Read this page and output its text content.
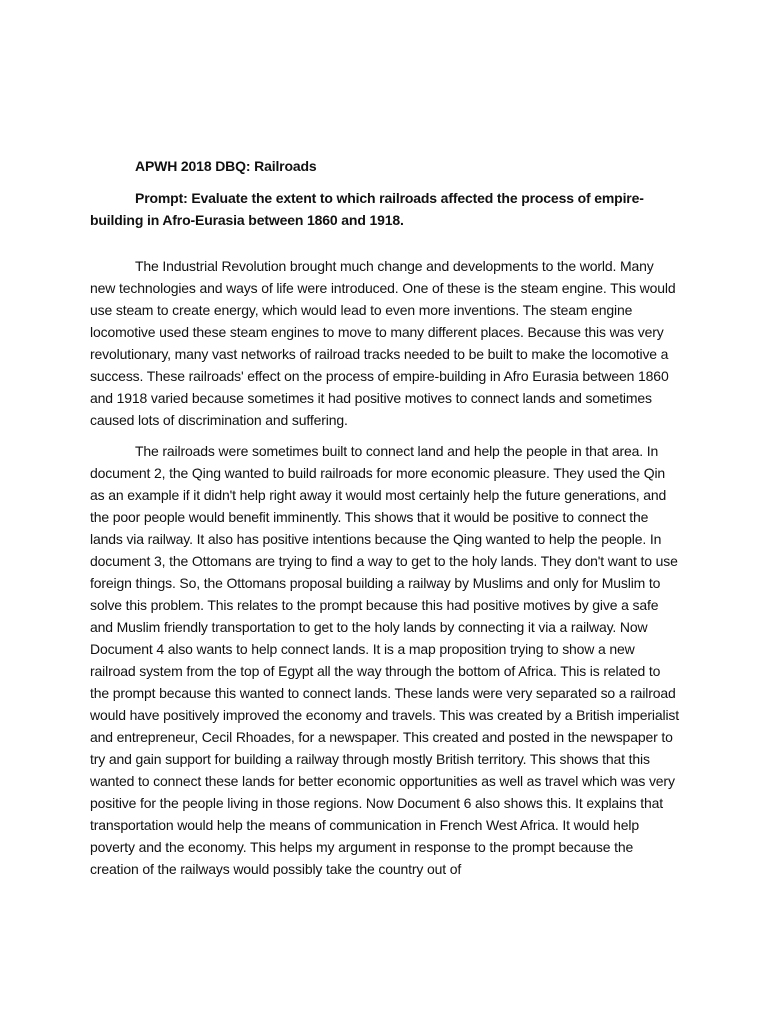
APWH 2018 DBQ: Railroads
Prompt: Evaluate the extent to which railroads affected the process of empire-building in Afro-Eurasia between 1860 and 1918.

The Industrial Revolution brought much change and developments to the world. Many new technologies and ways of life were introduced. One of these is the steam engine. This would use steam to create energy, which would lead to even more inventions. The steam engine locomotive used these steam engines to move to many different places. Because this was very revolutionary, many vast networks of railroad tracks needed to be built to make the locomotive a success. These railroads' effect on the process of empire-building in Afro Eurasia between 1860 and 1918 varied because sometimes it had positive motives to connect lands and sometimes caused lots of discrimination and suffering.

The railroads were sometimes built to connect land and help the people in that area. In document 2, the Qing wanted to build railroads for more economic pleasure. They used the Qin as an example if it didn't help right away it would most certainly help the future generations, and the poor people would benefit imminently. This shows that it would be positive to connect the lands via railway. It also has positive intentions because the Qing wanted to help the people. In document 3, the Ottomans are trying to find a way to get to the holy lands. They don't want to use foreign things. So, the Ottomans proposal building a railway by Muslims and only for Muslim to solve this problem. This relates to the prompt because this had positive motives by give a safe and Muslim friendly transportation to get to the holy lands by connecting it via a railway. Now Document 4 also wants to help connect lands. It is a map proposition trying to show a new railroad system from the top of Egypt all the way through the bottom of Africa. This is related to the prompt because this wanted to connect lands. These lands were very separated so a railroad would have positively improved the economy and travels. This was created by a British imperialist and entrepreneur, Cecil Rhoades, for a newspaper. This created and posted in the newspaper to try and gain support for building a railway through mostly British territory. This shows that this wanted to connect these lands for better economic opportunities as well as travel which was very positive for the people living in those regions. Now Document 6 also shows this. It explains that transportation would help the means of communication in French West Africa. It would help poverty and the economy. This helps my argument in response to the prompt because the creation of the railways would possibly take the country out of
